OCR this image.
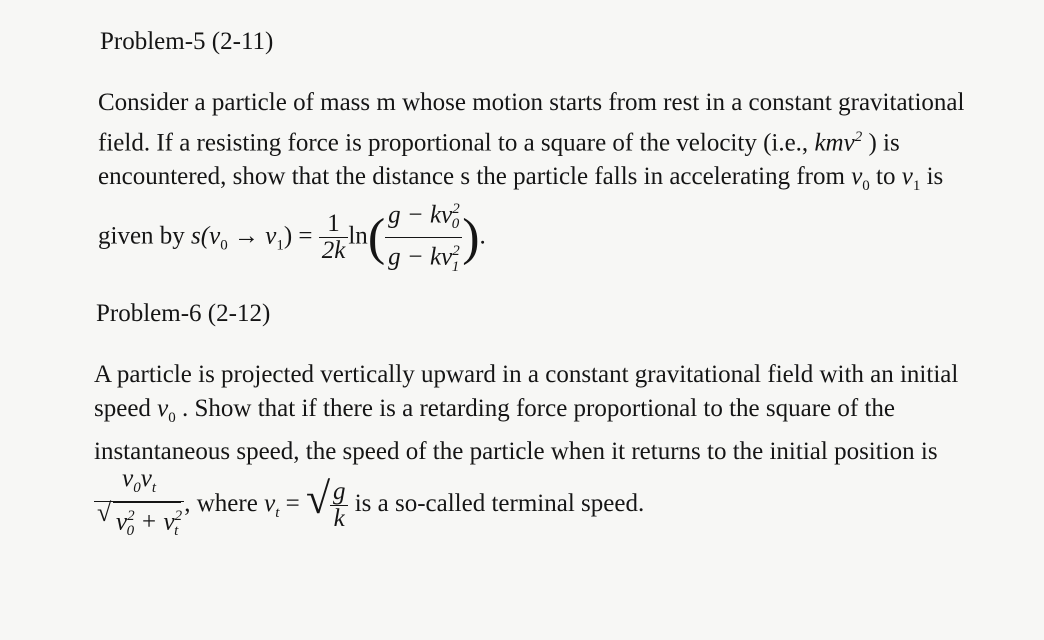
Problem-5 (2-11)
Consider a particle of mass m whose motion starts from rest in a constant gravitational
field. If a resisting force is proportional to a square of the velocity (i.e., kmv$^2$ ) is
encountered, show that the distance s the particle falls in accelerating from $v_0$ to $v_1$ is
given by $s(v_0 \to v_1) = \frac{1}{2k} \ln( \frac{g - kv^2_0}{g - kv^2_1}$ ).
Problem-6 (2-12)
A particle is projected vertically upward in a constant gravitational field with an initial
speed $v_0$ . Show that if there is a retarding force proportional to the square of the
instantaneous speed, the speed of the particle when it returns to the initial position is
$\frac{v_0v_t}{√ v^2_0 + v^2_t}$ , where $v_t$ = √ $\frac{g}{k}$ is a so-called terminal speed.
